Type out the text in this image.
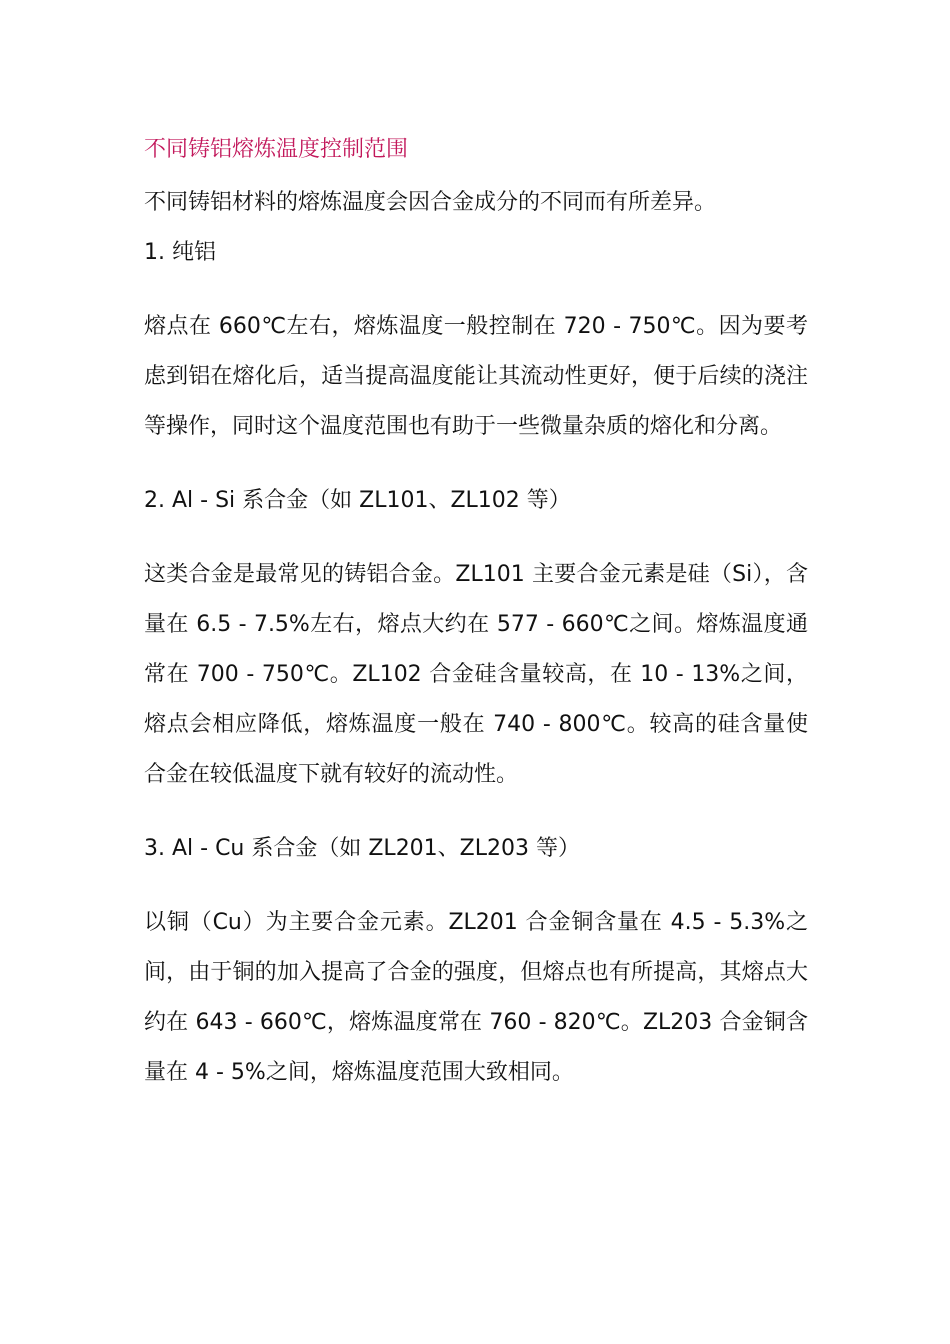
不同铸铝熔炼温度控制范围

不同铸铝材料的熔炼温度会因合金成分的不同而有所差异。

1. 纯铝

熔点在 660℃左右，熔炼温度一般控制在 720 - 750℃。因为要考虑到铝在熔化后，适当提高温度能让其流动性更好，便于后续的浇注等操作，同时这个温度范围也有助于一些微量杂质的熔化和分离。

2. Al - Si 系合金（如 ZL101、ZL102 等）

这类合金是最常见的铸铝合金。ZL101 主要合金元素是硅（Si），含量在 6.5 - 7.5%左右，熔点大约在 577 - 660℃之间。熔炼温度通常在 700 - 750℃。ZL102 合金硅含量较高，在 10 - 13%之间，熔点会相应降低，熔炼温度一般在 740 - 800℃。较高的硅含量使合金在较低温度下就有较好的流动性。

3. Al - Cu 系合金（如 ZL201、ZL203 等）

以铜（Cu）为主要合金元素。ZL201 合金铜含量在 4.5 - 5.3%之间，由于铜的加入提高了合金的强度，但熔点也有所提高，其熔点大约在 643 - 660℃，熔炼温度常在 760 - 820℃。ZL203 合金铜含量在 4 - 5%之间，熔炼温度范围大致相同。
